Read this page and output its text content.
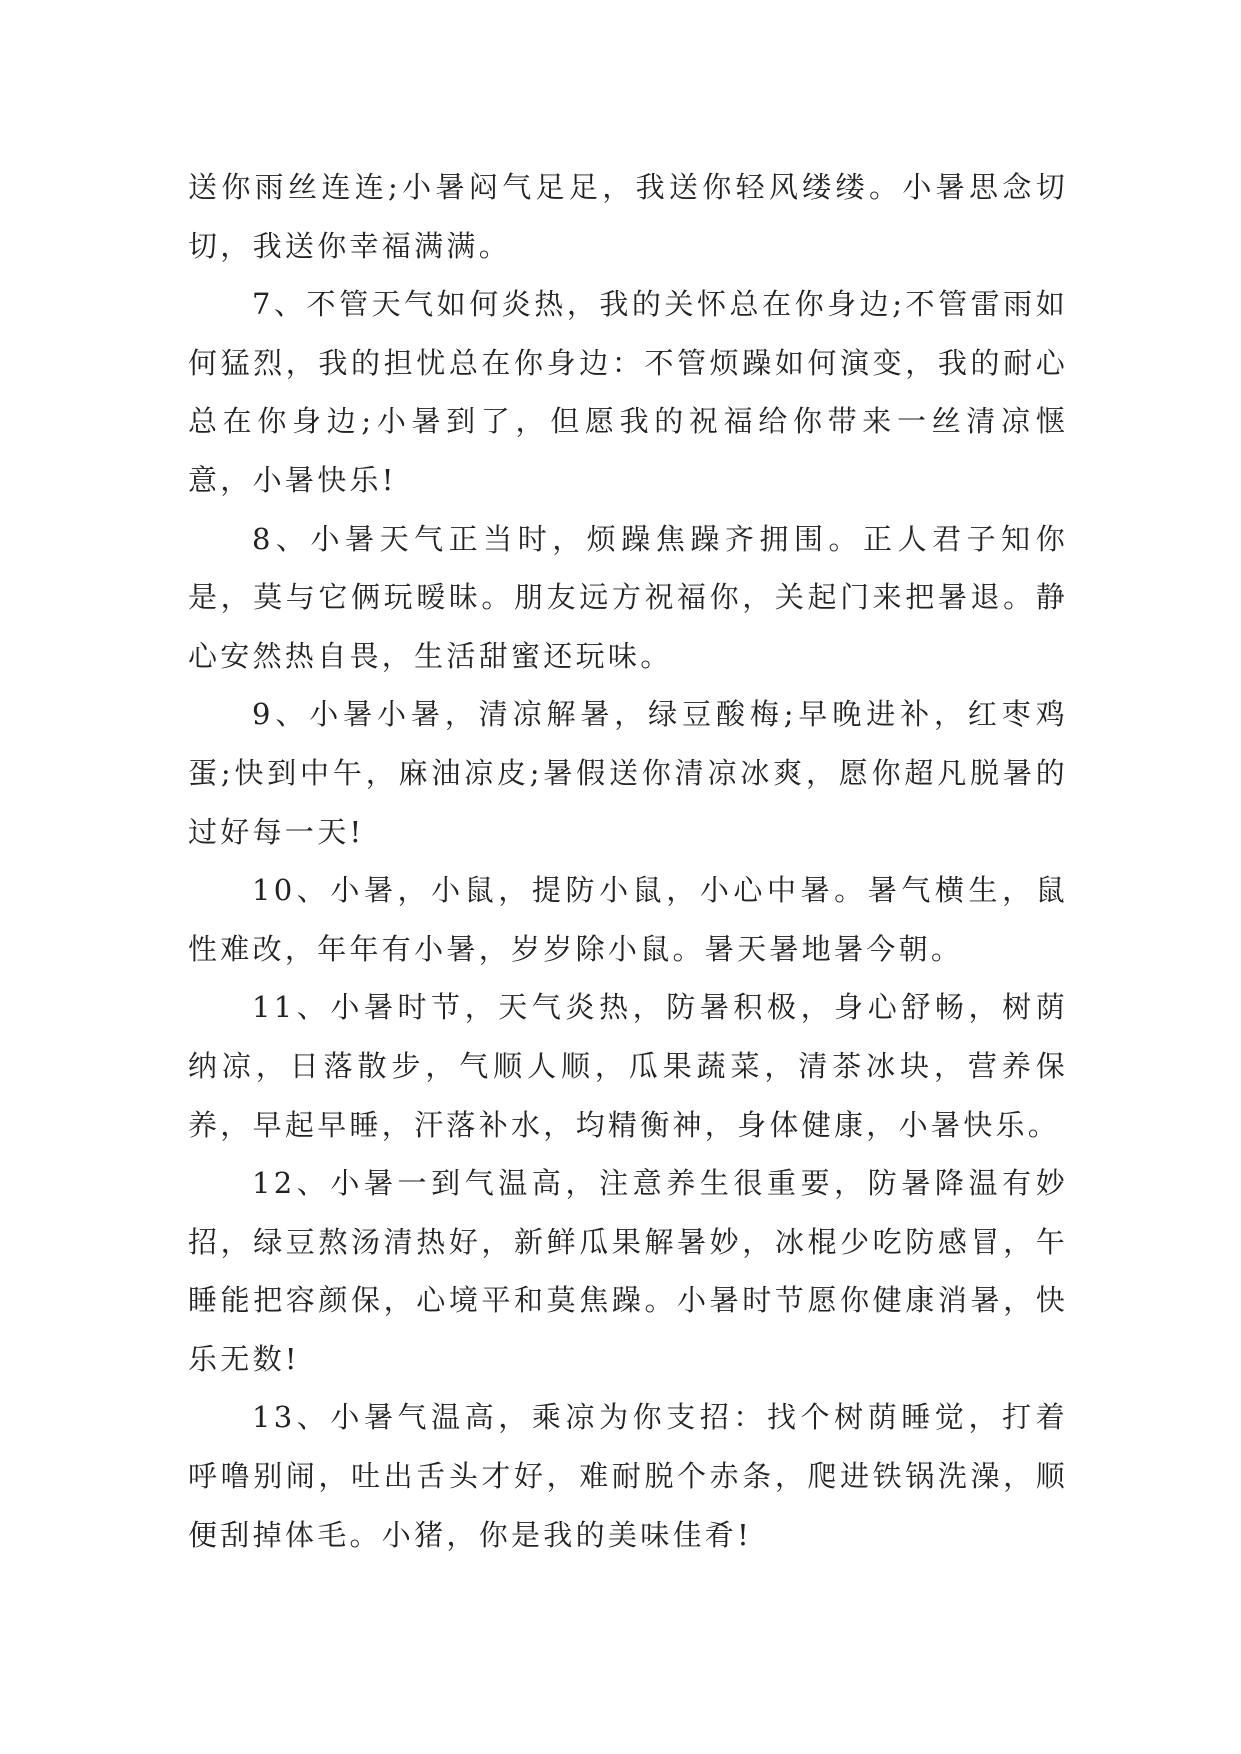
送你雨丝连连;小暑闷气足足，我送你轻风缕缕。小暑思念切切，我送你幸福满满。

7、不管天气如何炎热，我的关怀总在你身边;不管雷雨如何猛烈，我的担忧总在你身边：不管烦躁如何演变，我的耐心总在你身边;小暑到了，但愿我的祝福给你带来一丝清凉惬意，小暑快乐!

8、小暑天气正当时，烦躁焦躁齐拥围。正人君子知你是，莫与它俩玩暧昧。朋友远方祝福你，关起门来把暑退。静心安然热自畏，生活甜蜜还玩味。

9、小暑小暑，清凉解暑，绿豆酸梅;早晚进补，红枣鸡蛋;快到中午，麻油凉皮;暑假送你清凉冰爽，愿你超凡脱暑的过好每一天!

10、小暑，小鼠，提防小鼠，小心中暑。暑气横生，鼠性难改，年年有小暑，岁岁除小鼠。暑天暑地暑今朝。

11、小暑时节，天气炎热，防暑积极，身心舒畅，树荫纳凉，日落散步，气顺人顺，瓜果蔬菜，清茶冰块，营养保养，早起早睡，汗落补水，均精衡神，身体健康，小暑快乐。

12、小暑一到气温高，注意养生很重要，防暑降温有妙招，绿豆熬汤清热好，新鲜瓜果解暑妙，冰棍少吃防感冒，午睡能把容颜保，心境平和莫焦躁。小暑时节愿你健康消暑，快乐无数!

13、小暑气温高，乘凉为你支招：找个树荫睡觉，打着呼噜别闹，吐出舌头才好，难耐脱个赤条，爬进铁锅洗澡，顺便刮掉体毛。小猪，你是我的美味佳肴!
